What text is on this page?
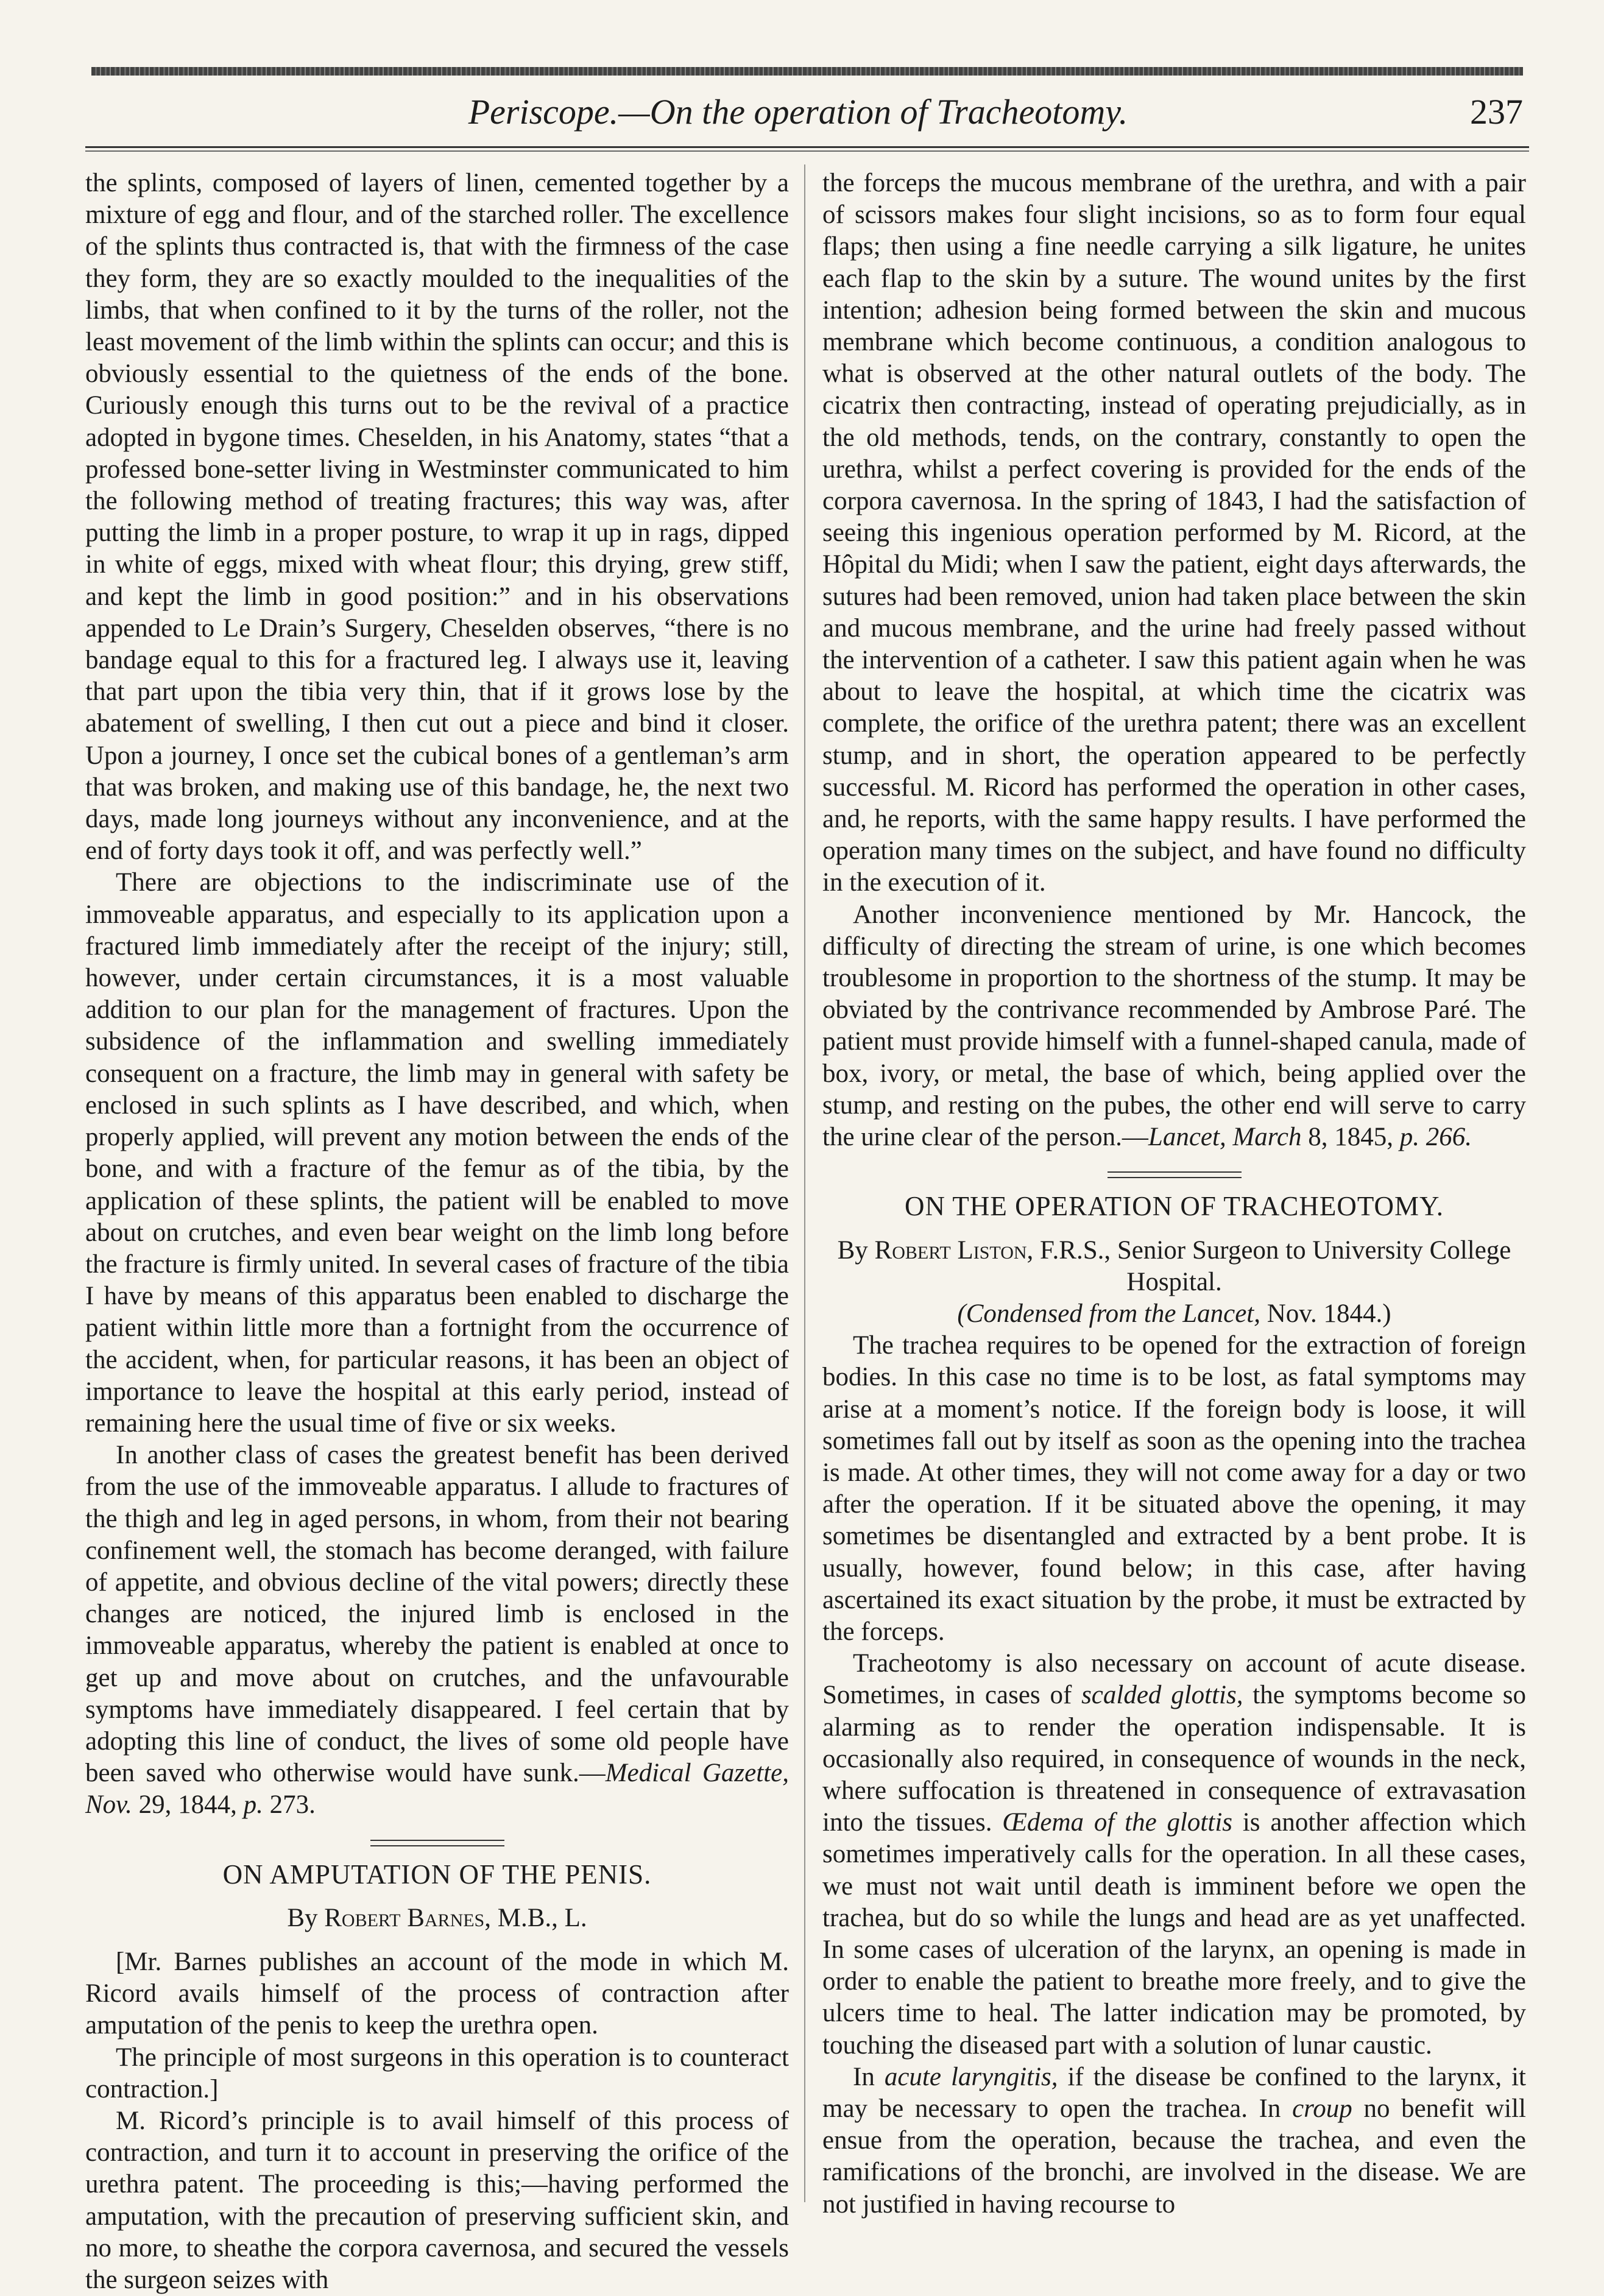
Periscope.—On the operation of Tracheotomy.	237

the splints, composed of layers of linen, cemented together by a mixture of egg and flour, and of the starched roller. The excellence of the splints thus contracted is, that with the firmness of the case they form, they are so exactly moulded to the inequalities of the limbs, that when confined to it by the turns of the roller, not the least movement of the limb within the splints can occur; and this is obviously essential to the quietness of the ends of the bone. Curiously enough this turns out to be the revival of a practice adopted in bygone times. Cheselden, in his Anatomy, states “that a professed bone-setter living in Westminster communicated to him the following method of treating fractures; this way was, after putting the limb in a proper posture, to wrap it up in rags, dipped in white of eggs, mixed with wheat flour; this drying, grew stiff, and kept the limb in good position:” and in his observations appended to Le Drain’s Surgery, Cheselden observes, “there is no bandage equal to this for a fractured leg. I always use it, leaving that part upon the tibia very thin, that if it grows lose by the abatement of swelling, I then cut out a piece and bind it closer. Upon a journey, I once set the cubical bones of a gentleman’s arm that was broken, and making use of this bandage, he, the next two days, made long journeys without any inconvenience, and at the end of forty days took it off, and was perfectly well.”

There are objections to the indiscriminate use of the immoveable apparatus, and especially to its application upon a fractured limb immediately after the receipt of the injury; still, however, under certain circumstances, it is a most valuable addition to our plan for the management of fractures. Upon the subsidence of the inflammation and swelling immediately consequent on a fracture, the limb may in general with safety be enclosed in such splints as I have described, and which, when properly applied, will prevent any motion between the ends of the bone, and with a fracture of the femur as of the tibia, by the application of these splints, the patient will be enabled to move about on crutches, and even bear weight on the limb long before the fracture is firmly united. In several cases of fracture of the tibia I have by means of this apparatus been enabled to discharge the patient within little more than a fortnight from the occurrence of the accident, when, for particular reasons, it has been an object of importance to leave the hospital at this early period, instead of remaining here the usual time of five or six weeks.

In another class of cases the greatest benefit has been derived from the use of the immoveable apparatus. I allude to fractures of the thigh and leg in aged persons, in whom, from their not bearing confinement well, the stomach has become deranged, with failure of appetite, and obvious decline of the vital powers; directly these changes are noticed, the injured limb is enclosed in the immoveable apparatus, whereby the patient is enabled at once to get up and move about on crutches, and the unfavourable symptoms have immediately disappeared. I feel certain that by adopting this line of conduct, the lives of some old people have been saved who otherwise would have sunk.—Medical Gazette, Nov. 29, 1844, p. 273.

ON AMPUTATION OF THE PENIS.

By Robert Barnes, M.B., L.

[Mr. Barnes publishes an account of the mode in which M. Ricord avails himself of the process of contraction after amputation of the penis to keep the urethra open.

The principle of most surgeons in this operation is to counteract contraction.]

M. Ricord’s principle is to avail himself of this process of contraction, and turn it to account in preserving the orifice of the urethra patent. The proceeding is this;—having performed the amputation, with the precaution of preserving sufficient skin, and no more, to sheathe the corpora cavernosa, and secured the vessels the surgeon seizes with

the forceps the mucous membrane of the urethra, and with a pair of scissors makes four slight incisions, so as to form four equal flaps; then using a fine needle carrying a silk ligature, he unites each flap to the skin by a suture. The wound unites by the first intention; adhesion being formed between the skin and mucous membrane which become continuous, a condition analogous to what is observed at the other natural outlets of the body. The cicatrix then contracting, instead of operating prejudicially, as in the old methods, tends, on the contrary, constantly to open the urethra, whilst a perfect covering is provided for the ends of the corpora cavernosa. In the spring of 1843, I had the satisfaction of seeing this ingenious operation performed by M. Ricord, at the Hôpital du Midi; when I saw the patient, eight days afterwards, the sutures had been removed, union had taken place between the skin and mucous membrane, and the urine had freely passed without the intervention of a catheter. I saw this patient again when he was about to leave the hospital, at which time the cicatrix was complete, the orifice of the urethra patent; there was an excellent stump, and in short, the operation appeared to be perfectly successful. M. Ricord has performed the operation in other cases, and, he reports, with the same happy results. I have performed the operation many times on the subject, and have found no difficulty in the execution of it.

Another inconvenience mentioned by Mr. Hancock, the difficulty of directing the stream of urine, is one which becomes troublesome in proportion to the shortness of the stump. It may be obviated by the contrivance recommended by Ambrose Paré. The patient must provide himself with a funnel-shaped canula, made of box, ivory, or metal, the base of which, being applied over the stump, and resting on the pubes, the other end will serve to carry the urine clear of the person.—Lancet, March 8, 1845, p. 266.

ON THE OPERATION OF TRACHEOTOMY.

By Robert Liston, F.R.S., Senior Surgeon to University College Hospital.

(Condensed from the Lancet, Nov. 1844.)

The trachea requires to be opened for the extraction of foreign bodies. In this case no time is to be lost, as fatal symptoms may arise at a moment’s notice. If the foreign body is loose, it will sometimes fall out by itself as soon as the opening into the trachea is made. At other times, they will not come away for a day or two after the operation. If it be situated above the opening, it may sometimes be disentangled and extracted by a bent probe. It is usually, however, found below; in this case, after having ascertained its exact situation by the probe, it must be extracted by the forceps.

Tracheotomy is also necessary on account of acute disease. Sometimes, in cases of scalded glottis, the symptoms become so alarming as to render the operation indispensable. It is occasionally also required, in consequence of wounds in the neck, where suffocation is threatened in consequence of extravasation into the tissues. Œdema of the glottis is another affection which sometimes imperatively calls for the operation. In all these cases, we must not wait until death is imminent before we open the trachea, but do so while the lungs and head are as yet unaffected. In some cases of ulceration of the larynx, an opening is made in order to enable the patient to breathe more freely, and to give the ulcers time to heal. The latter indication may be promoted, by touching the diseased part with a solution of lunar caustic.

In acute laryngitis, if the disease be confined to the larynx, it may be necessary to open the trachea. In croup no benefit will ensue from the operation, because the trachea, and even the ramifications of the bronchi, are involved in the disease. We are not justified in having recourse to
